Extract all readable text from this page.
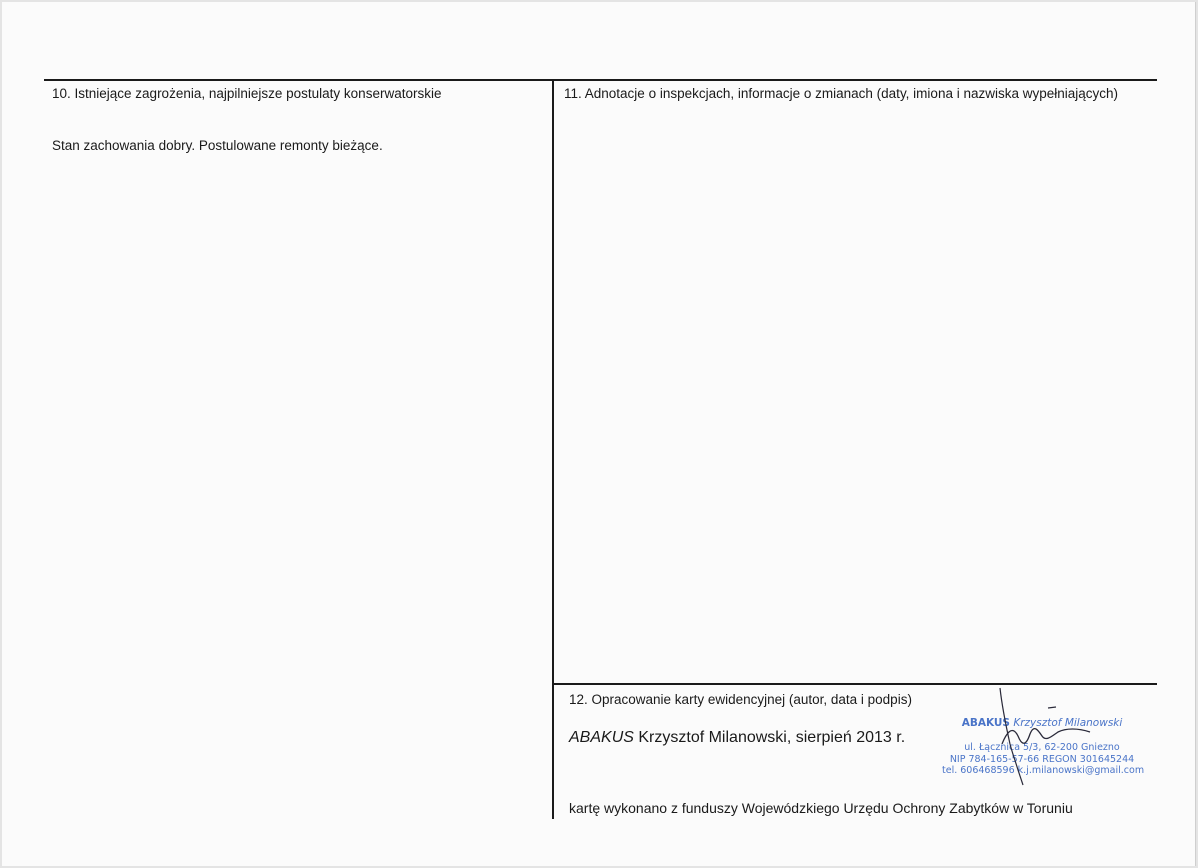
10. Istniejące zagrożenia, najpilniejsze postulaty konserwatorskie
Stan zachowania dobry. Postulowane remonty bieżące.
11. Adnotacje o inspekcjach, informacje o zmianach (daty, imiona i nazwiska wypełniających)
12. Opracowanie karty ewidencyjnej (autor, data i podpis)
ABAKUS Krzysztof Milanowski, sierpień 2013 r.
ABAKUS Krzysztof Milanowski
ul. Łącznica 5/3, 62-200 Gniezno
NIP 784-165-57-66 REGON 301645244
tel. 606468596 k.j.milanowski@gmail.com
kartę wykonano z funduszy Wojewódzkiego Urzędu Ochrony Zabytków w Toruniu
